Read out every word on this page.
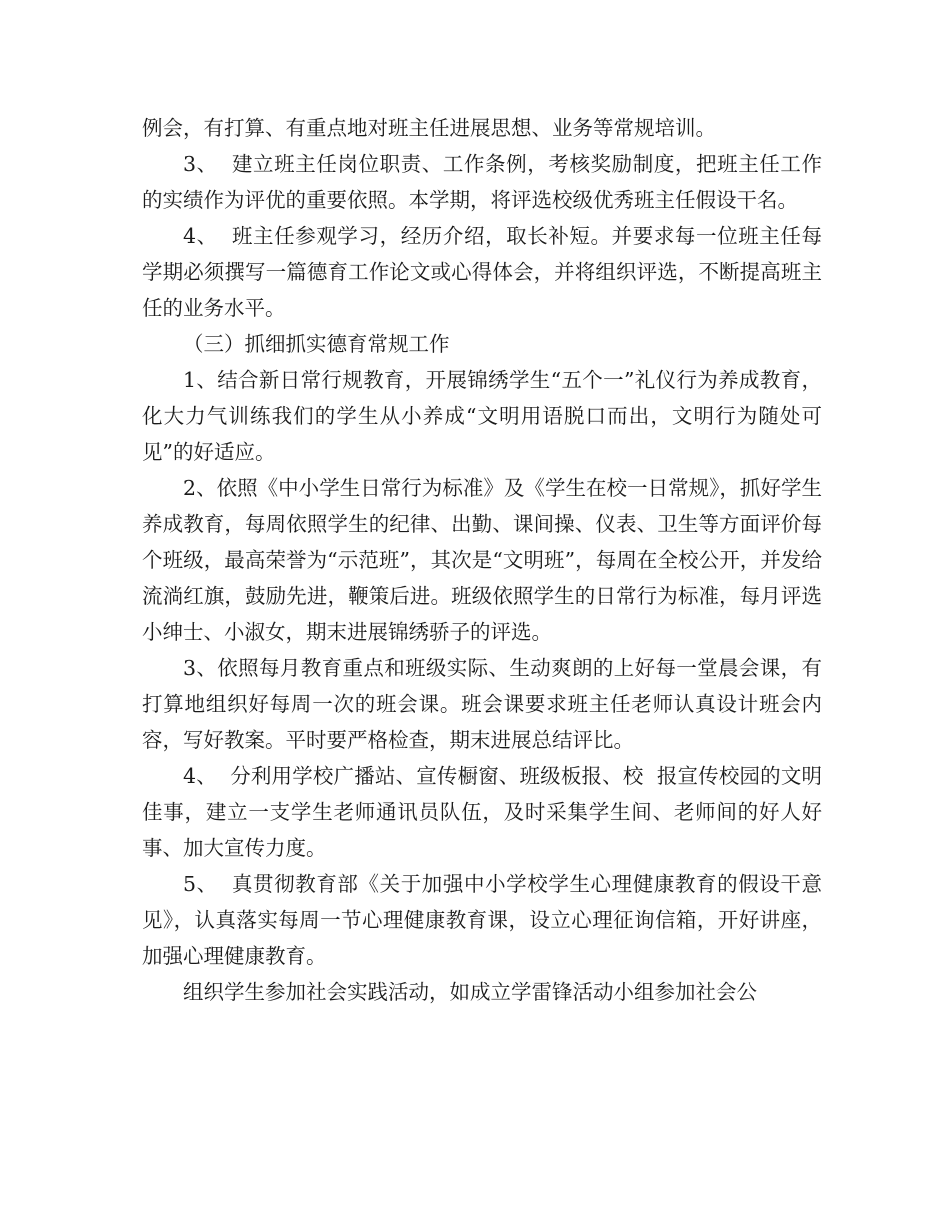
例会，有打算、有重点地对班主任进展思想、业务等常规培训。

3、  建立班主任岗位职责、工作条例，考核奖励制度，把班主任工作的实绩作为评优的重要依照。本学期，将评选校级优秀班主任假设干名。

4、  班主任参观学习，经历介绍，取长补短。并要求每一位班主任每学期必须撰写一篇德育工作论文或心得体会，并将组织评选，不断提高班主任的业务水平。

（三）抓细抓实德育常规工作

1、结合新日常行规教育，开展锦绣学生“五个一”礼仪行为养成教育，化大力气训练我们的学生从小养成“文明用语脱口而出，文明行为随处可见”的好适应。

2、依照《中小学生日常行为标准》及《学生在校一日常规》，抓好学生养成教育，每周依照学生的纪律、出勤、课间操、仪表、卫生等方面评价每个班级，最高荣誉为“示范班”，其次是“文明班”，每周在全校公开，并发给流淌红旗，鼓励先进，鞭策后进。班级依照学生的日常行为标准，每月评选小绅士、小淑女，期末进展锦绣骄子的评选。

3、依照每月教育重点和班级实际、生动爽朗的上好每一堂晨会课，有打算地组织好每周一次的班会课。班会课要求班主任老师认真设计班会内容，写好教案。平时要严格检查，期末进展总结评比。

4、  分利用学校广播站、宣传橱窗、班级板报、校  报宣传校园的文明佳事，建立一支学生老师通讯员队伍，及时采集学生间、老师间的好人好事、加大宣传力度。

5、  真贯彻教育部《关于加强中小学校学生心理健康教育的假设干意见》，认真落实每周一节心理健康教育课，设立心理征询信箱，开好讲座，加强心理健康教育。

组织学生参加社会实践活动，如成立学雷锋活动小组参加社会公
